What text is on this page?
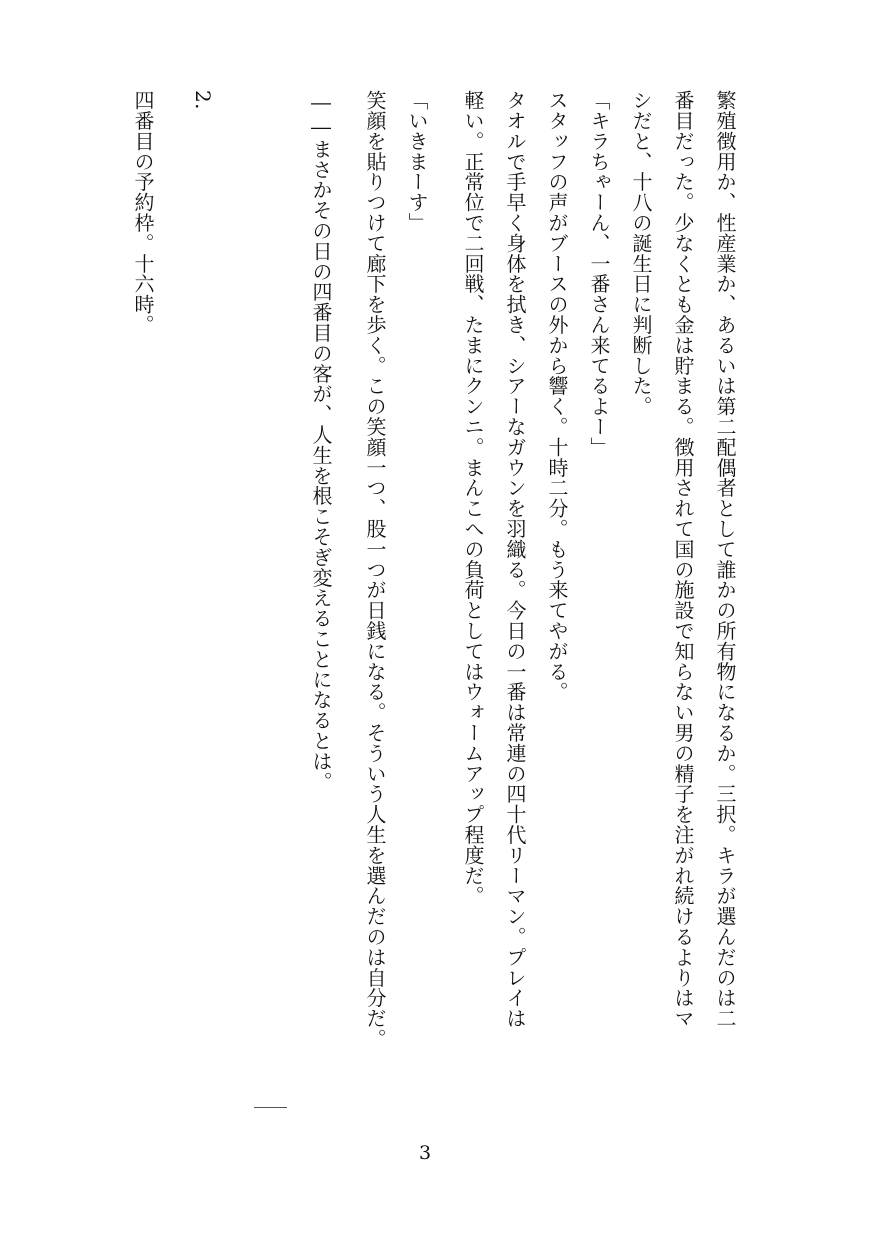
繁殖徴用か、性産業か、あるいは第二配偶者として誰かの所有物になるか。三択。キラが選んだのは二
番目だった。少なくとも金は貯まる。徴用されて国の施設で知らない男の精子を注がれ続けるよりはマ
シだと、十八の誕生日に判断した。
「キラちゃーん、一番さん来てるよー」
スタッフの声がブースの外から響く。十時二分。もう来てやがる。
タオルで手早く身体を拭き、シアーなガウンを羽織る。今日の一番は常連の四十代リーマン。プレイは
軽い。正常位で二回戦、たまにクンニ。まんこへの負荷としてはウォームアップ程度だ。
「いきまーす」
笑顔を貼りつけて廊下を歩く。この笑顔一つ、股一つが日銭になる。そういう人生を選んだのは自分だ。
――まさかその日の四番目の客が、人生を根こそぎ変えることになるとは。
2.
四番目の予約枠。十六時。
3
